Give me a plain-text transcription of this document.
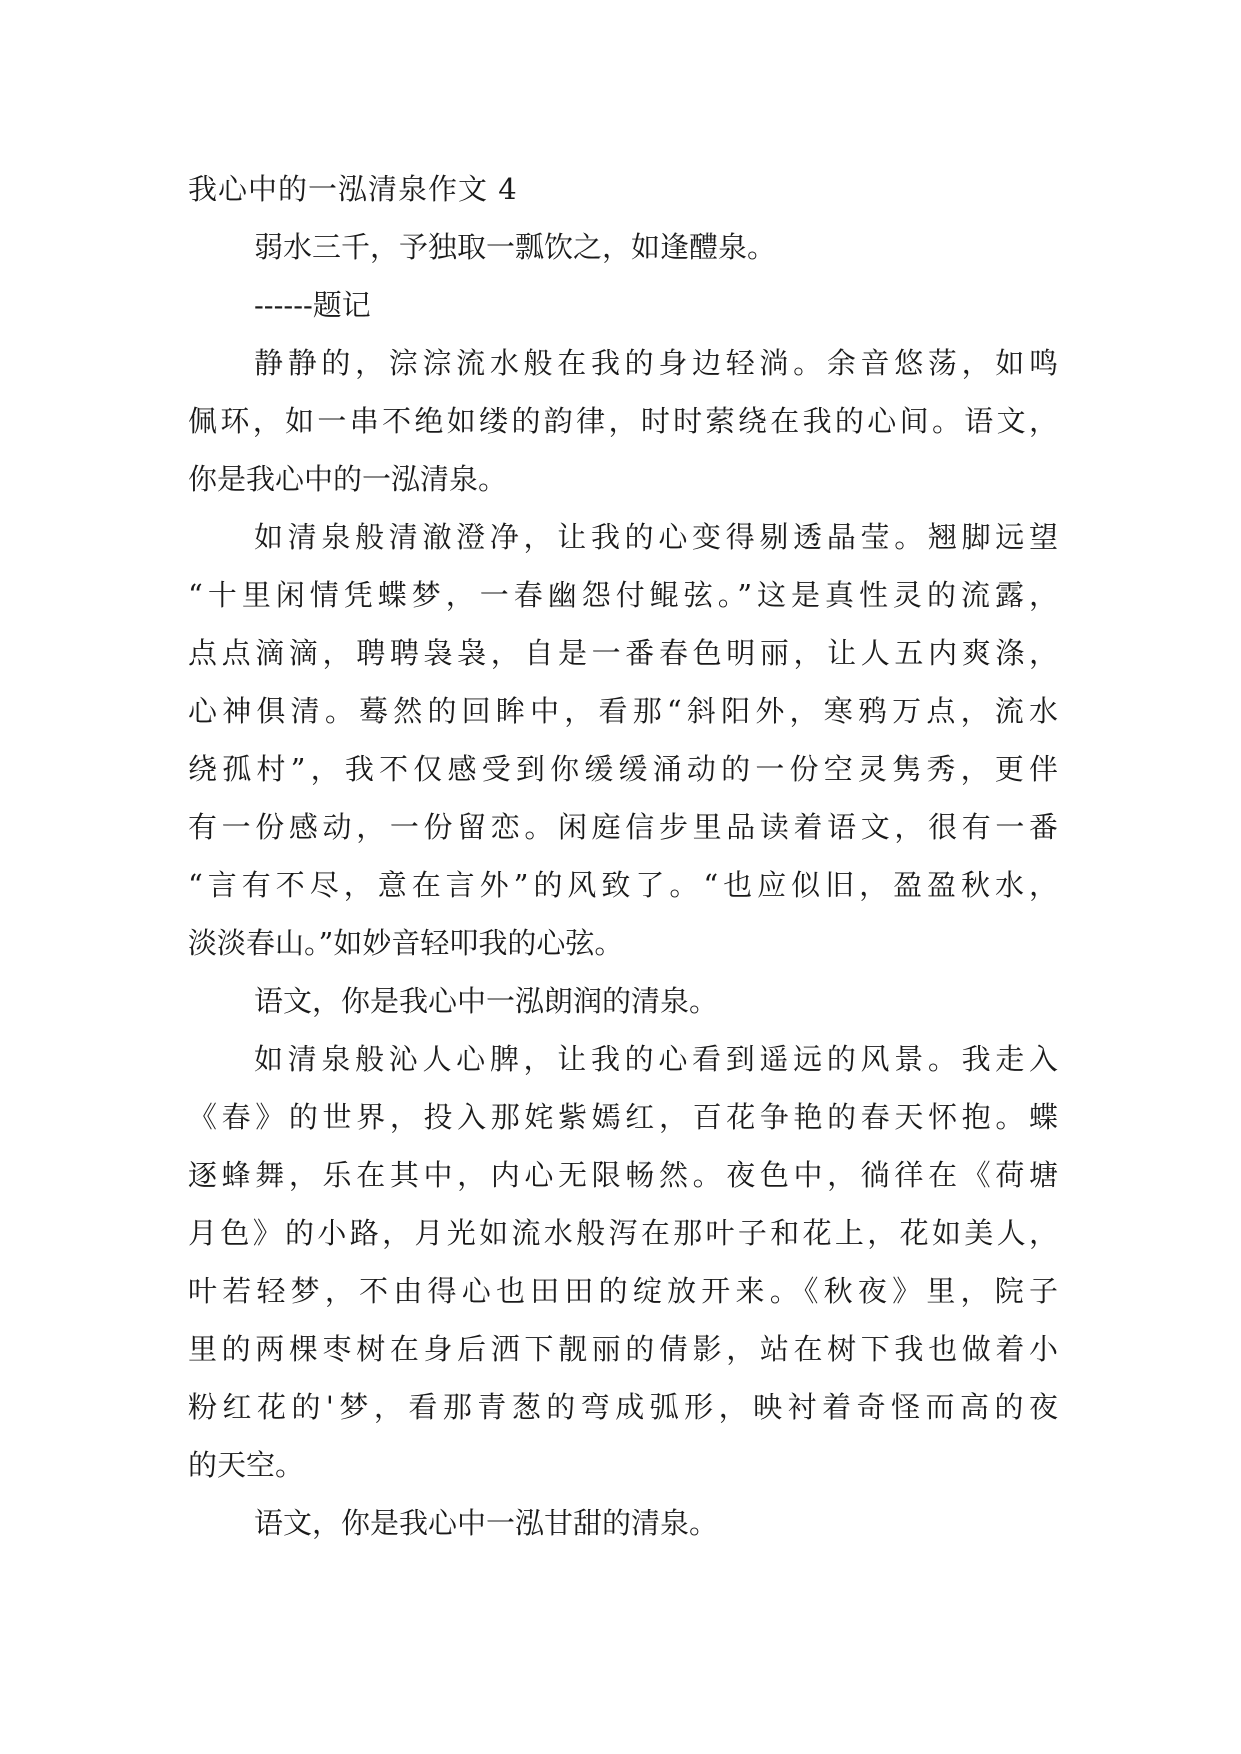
我心中的一泓清泉作文 4

弱水三千，予独取一瓢饮之，如逢醴泉。

------题记

静静的，淙淙流水般在我的身边轻淌。余音悠荡，如鸣

佩环，如一串不绝如缕的韵律，时时萦绕在我的心间。语文，

你是我心中的一泓清泉。

如清泉般清澈澄净，让我的心变得剔透晶莹。翘脚远望

“十里闲情凭蝶梦，一春幽怨付鲲弦。”这是真性灵的流露，

点点滴滴，聘聘袅袅，自是一番春色明丽，让人五内爽涤，

心神俱清。蓦然的回眸中，看那“斜阳外，寒鸦万点，流水

绕孤村”，我不仅感受到你缓缓涌动的一份空灵隽秀，更伴

有一份感动，一份留恋。闲庭信步里品读着语文，很有一番

“言有不尽，意在言外”的风致了。“也应似旧，盈盈秋水，

淡淡春山。”如妙音轻叩我的心弦。

语文，你是我心中一泓朗润的清泉。

如清泉般沁人心脾，让我的心看到遥远的风景。我走入

《春》的世界，投入那姹紫嫣红，百花争艳的春天怀抱。蝶

逐蜂舞，乐在其中，内心无限畅然。夜色中，徜徉在《荷塘

月色》的小路，月光如流水般泻在那叶子和花上，花如美人，

叶若轻梦，不由得心也田田的绽放开来。《秋夜》里，院子

里的两棵枣树在身后洒下靓丽的倩影，站在树下我也做着小

粉红花的'梦，看那青葱的弯成弧形，映衬着奇怪而高的夜

的天空。

语文，你是我心中一泓甘甜的清泉。
